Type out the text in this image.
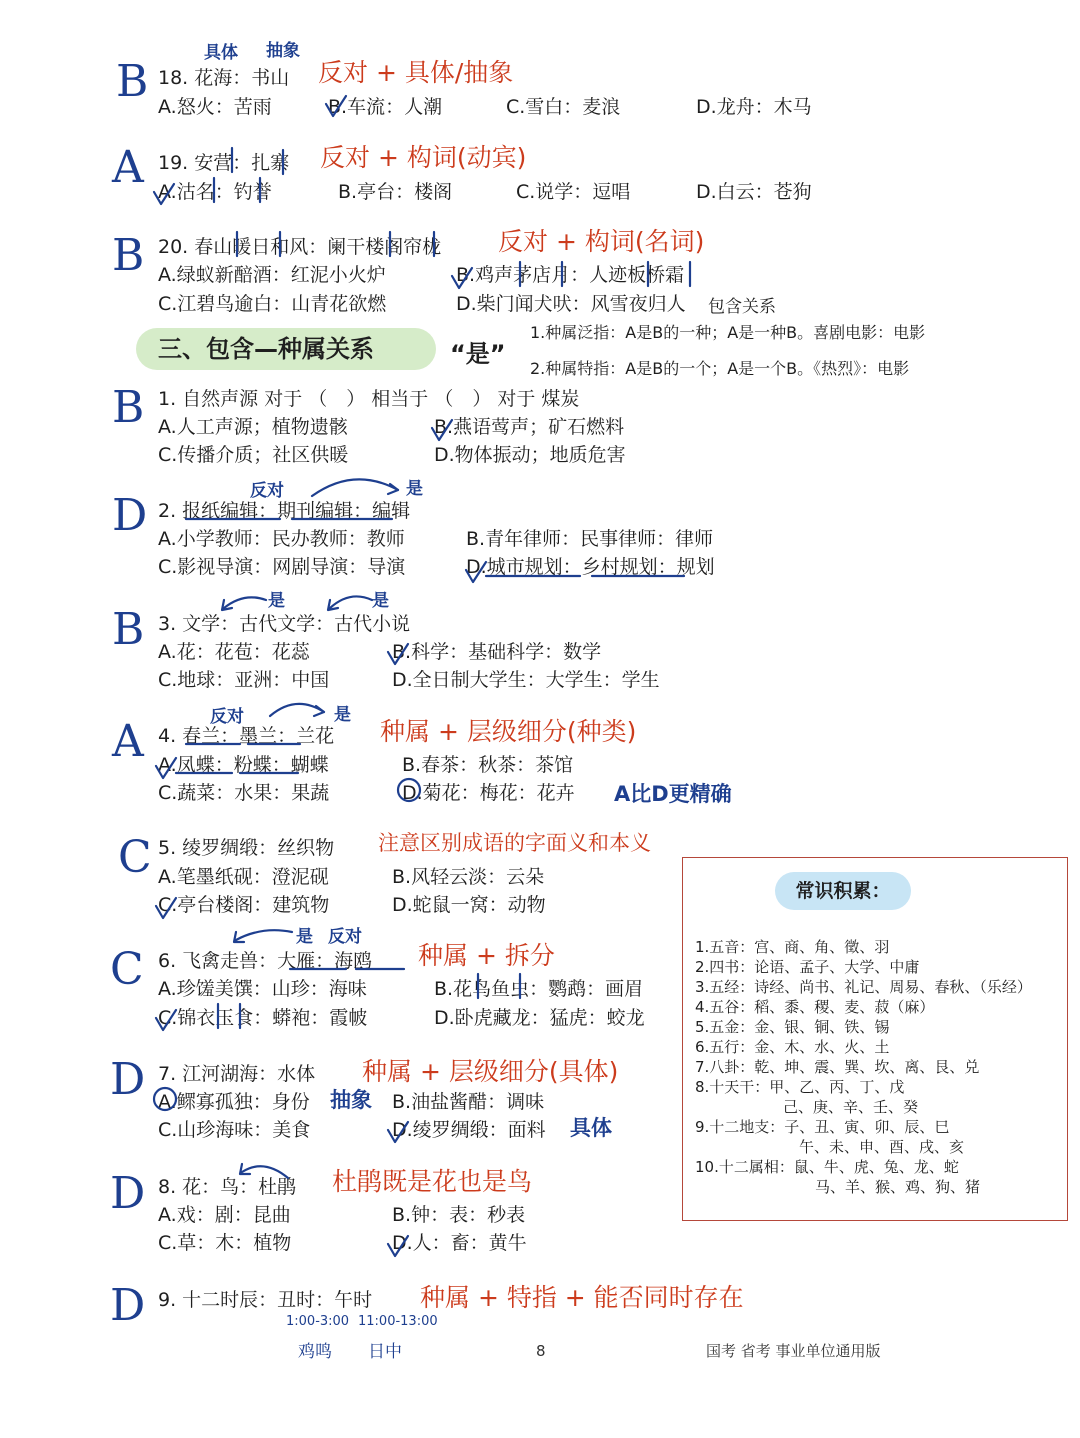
B
具体 抽象
18. 花海：书山 反对 + 具体/抽象
A.怒火：苦雨	B.车流：人潮	C.雪白：麦浪	D.龙舟：木马
A 19. 安营：扎寨 反对 + 构词(动宾)
A.沽名：钓誉	B.亭台：楼阁	C.说学：逗唱	D.白云：苍狗
B 20. 春山暖日和风：阑干楼阁帘栊 反对 + 构词(名词)
A.绿蚁新醅酒：红泥小火炉	B.鸡声茅店月：人迹板桥霜
C.江碧鸟逾白：山青花欲燃	D.柴门闻犬吠：风雪夜归人 包含关系
三、包含—种属关系	“是”
1.种属泛指：A是B的一种；A是一种B。喜剧电影：电影
2.种属特指：A是B的一个；A是一个B。《热烈》：电影
B 1. 自然声源 对于 （　） 相当于 （　） 对于 煤炭
A.人工声源；植物遗骸	B.燕语莺声；矿石燃料
C.传播介质；社区供暖	D.物体振动；地质危害
D	反对	是
2. 报纸编辑：期刊编辑：编辑
A.小学教师：民办教师：教师	B.青年律师：民事律师：律师
C.影视导演：网剧导演：导演	D.城市规划：乡村规划：规划
B
是	是
3. 文学：古代文学：古代小说
A.花：花苞：花蕊	B.科学：基础科学：数学
C.地球：亚洲：中国	D.全日制大学生：大学生：学生
A	反对	是
4. 春兰：墨兰：兰花 种属 + 层级细分(种类)
A.凤蝶：粉蝶：蝴蝶	B.春茶：秋茶：茶馆
C.蔬菜：水果：果蔬	D.菊花：梅花：花卉 A比D更精确
C 5. 绫罗绸缎：丝织物 注意区别成语的字面义和本义
A.笔墨纸砚：澄泥砚	B.风轻云淡：云朵
C.亭台楼阁：建筑物	D.蛇鼠一窝：动物
C
是 反对
6. 飞禽走兽：大雁：海鸥 种属 + 拆分
A.珍馐美馔：山珍：海味	B.花鸟鱼虫：鹦鹉：画眉
C.锦衣玉食：蟒袍：霞帔	D.卧虎藏龙：猛虎：蛟龙
D 7. 江河湖海：水体 种属 + 层级细分(具体)
A.鳏寡孤独：身份 抽象 B.油盐酱醋：调味
C.山珍海味：美食	D.绫罗绸缎：面料 具体
D 8. 花：鸟：杜鹃 杜鹃既是花也是鸟
A.戏：剧：昆曲	B.钟：表：秒表
C.草：木：植物	D.人：畜：黄牛
D 9. 十二时辰：丑时：午时 种属 + 特指 + 能否同时存在
1:00-3:00 11:00-13:00
鸡鸣 日中
常识积累：
1.五音：宫、商、角、徵、羽
2.四书：论语、孟子、大学、中庸
3.五经：诗经、尚书、礼记、周易、春秋、（乐经）
4.五谷：稻、黍、稷、麦、菽（麻）
5.五金：金、银、铜、铁、锡
6.五行：金、木、水、火、土
7.八卦：乾、坤、震、巽、坎、离、艮、兑
8.十天干：甲、乙、丙、丁、戊
己、庚、辛、壬、癸
9.十二地支：子、丑、寅、卯、辰、巳
午、未、申、酉、戌、亥
10.十二属相：鼠、牛、虎、兔、龙、蛇
马、羊、猴、鸡、狗、猪
8	国考 省考 事业单位通用版
